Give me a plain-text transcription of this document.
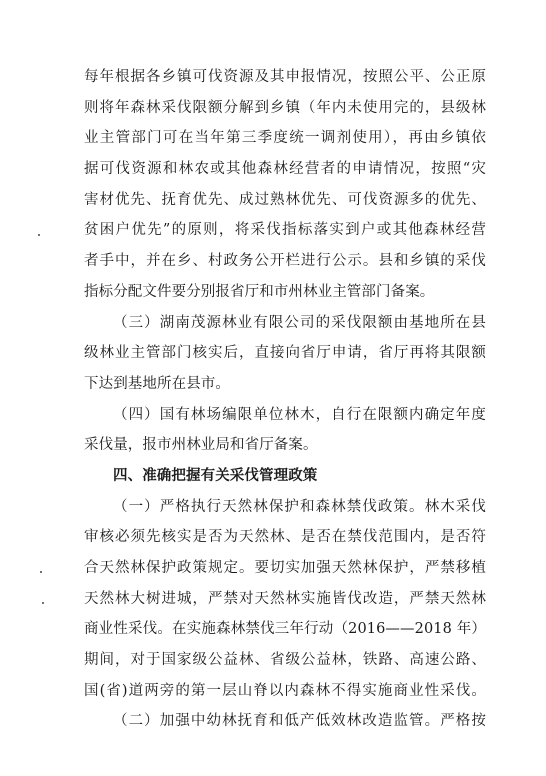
每年根据各乡镇可伐资源及其申报情况，按照公平、公正原
则将年森林采伐限额分解到乡镇（年内未使用完的，县级林
业主管部门可在当年第三季度统一调剂使用），再由乡镇依
据可伐资源和林农或其他森林经营者的申请情况，按照“灾
害材优先、抚育优先、成过熟林优先、可伐资源多的优先、
贫困户优先”的原则，将采伐指标落实到户或其他森林经营
者手中，并在乡、村政务公开栏进行公示。县和乡镇的采伐
指标分配文件要分别报省厅和市州林业主管部门备案。
（三）湖南茂源林业有限公司的采伐限额由基地所在县
级林业主管部门核实后，直接向省厅申请，省厅再将其限额
下达到基地所在县市。
（四）国有林场编限单位林木，自行在限额内确定年度
采伐量，报市州林业局和省厅备案。
四、准确把握有关采伐管理政策
（一）严格执行天然林保护和森林禁伐政策。林木采伐
审核必须先核实是否为天然林、是否在禁伐范围内，是否符
合天然林保护政策规定。要切实加强天然林保护，严禁移植
天然林大树进城，严禁对天然林实施皆伐改造，严禁天然林
商业性采伐。在实施森林禁伐三年行动（2016——2018 年）
期间，对于国家级公益林、省级公益林，铁路、高速公路、
国(省)道两旁的第一层山脊以内森林不得实施商业性采伐。
（二）加强中幼林抚育和低产低效林改造监管。严格按
